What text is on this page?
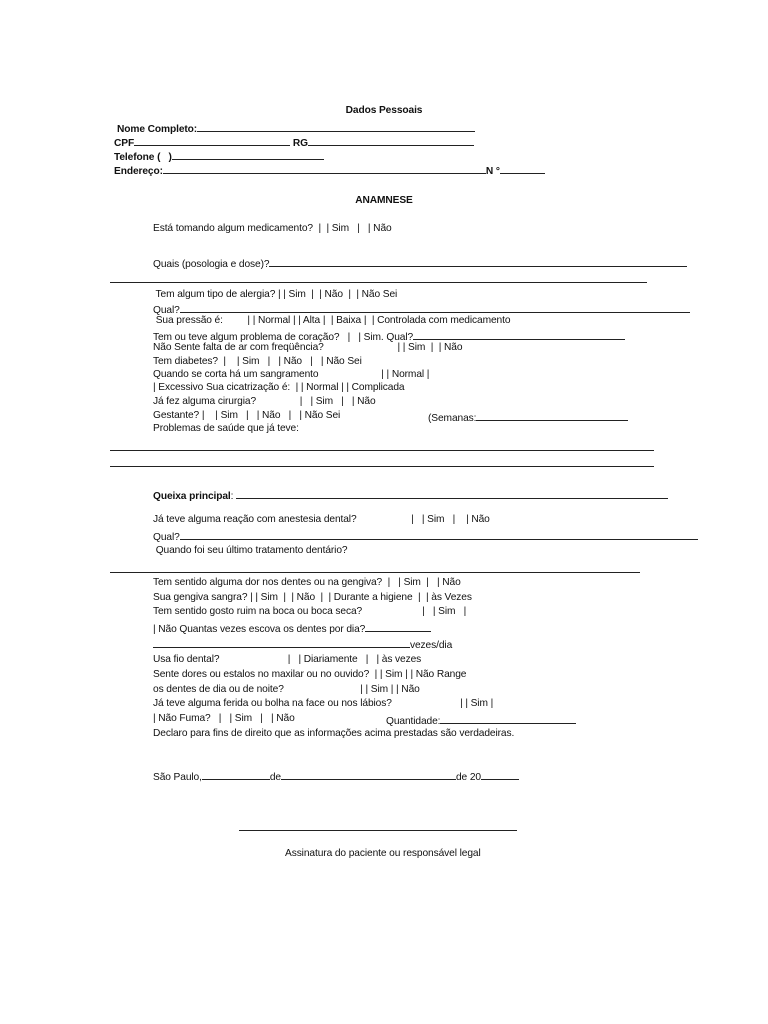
Dados Pessoais
Nome Completo:
CPF	RG
Telefone (   )
Endereço:	N °
ANAMNESE
Está tomando algum medicamento?  |  | Sim   |   | Não
Quais (posologia e dose)?
Tem algum tipo de alergia? | | Sim  |  | Não  |  | Não Sei
Qual?
Sua pressão é:         | | Normal | | Alta |  | Baixa |  | Controlada com medicamento
Tem ou teve algum problema de coração?   |   | Sim. Qual?
Não Sente falta de ar com freqüência?                           | | Sim  |  | Não
Tem diabetes?  |    | Sim   |   | Não   |   | Não Sei
Quando se corta há um sangramento                       | | Normal |
| Excessivo Sua cicatrização é:  | | Normal | | Complicada
Já fez alguma cirurgia?                |   | Sim   |   | Não
Gestante? |    | Sim   |   | Não   |   | Não Sei	(Semanas:
Problemas de saúde que já teve:
Queixa principal:
Já teve alguma reação com anestesia dental?                    |   | Sim   |    | Não
Qual?
Quando foi seu último tratamento dentário?
Tem sentido alguma dor nos dentes ou na gengiva?  |   | Sim  |   | Não
Sua gengiva sangra? | | Sim  |  | Não  |  | Durante a higiene  |  | às Vezes
Tem sentido gosto ruim na boca ou boca seca?                      |   | Sim   |
| Não Quantas vezes escova os dentes por dia?
vezes/dia
Usa fio dental?                         |   | Diariamente   |   | às vezes
Sente dores ou estalos no maxilar ou no ouvido?  | | Sim | | Não Range
os dentes de dia ou de noite?                            | | Sim | | Não
Já teve alguma ferida ou bolha na face ou nos lábios?                         | | Sim |
| Não Fuma?   |   | Sim   |   | Não	Quantidade:
Declaro para fins de direito que as informações acima prestadas são verdadeiras.
São Paulo,	de	de 20
Assinatura do paciente ou responsável legal
